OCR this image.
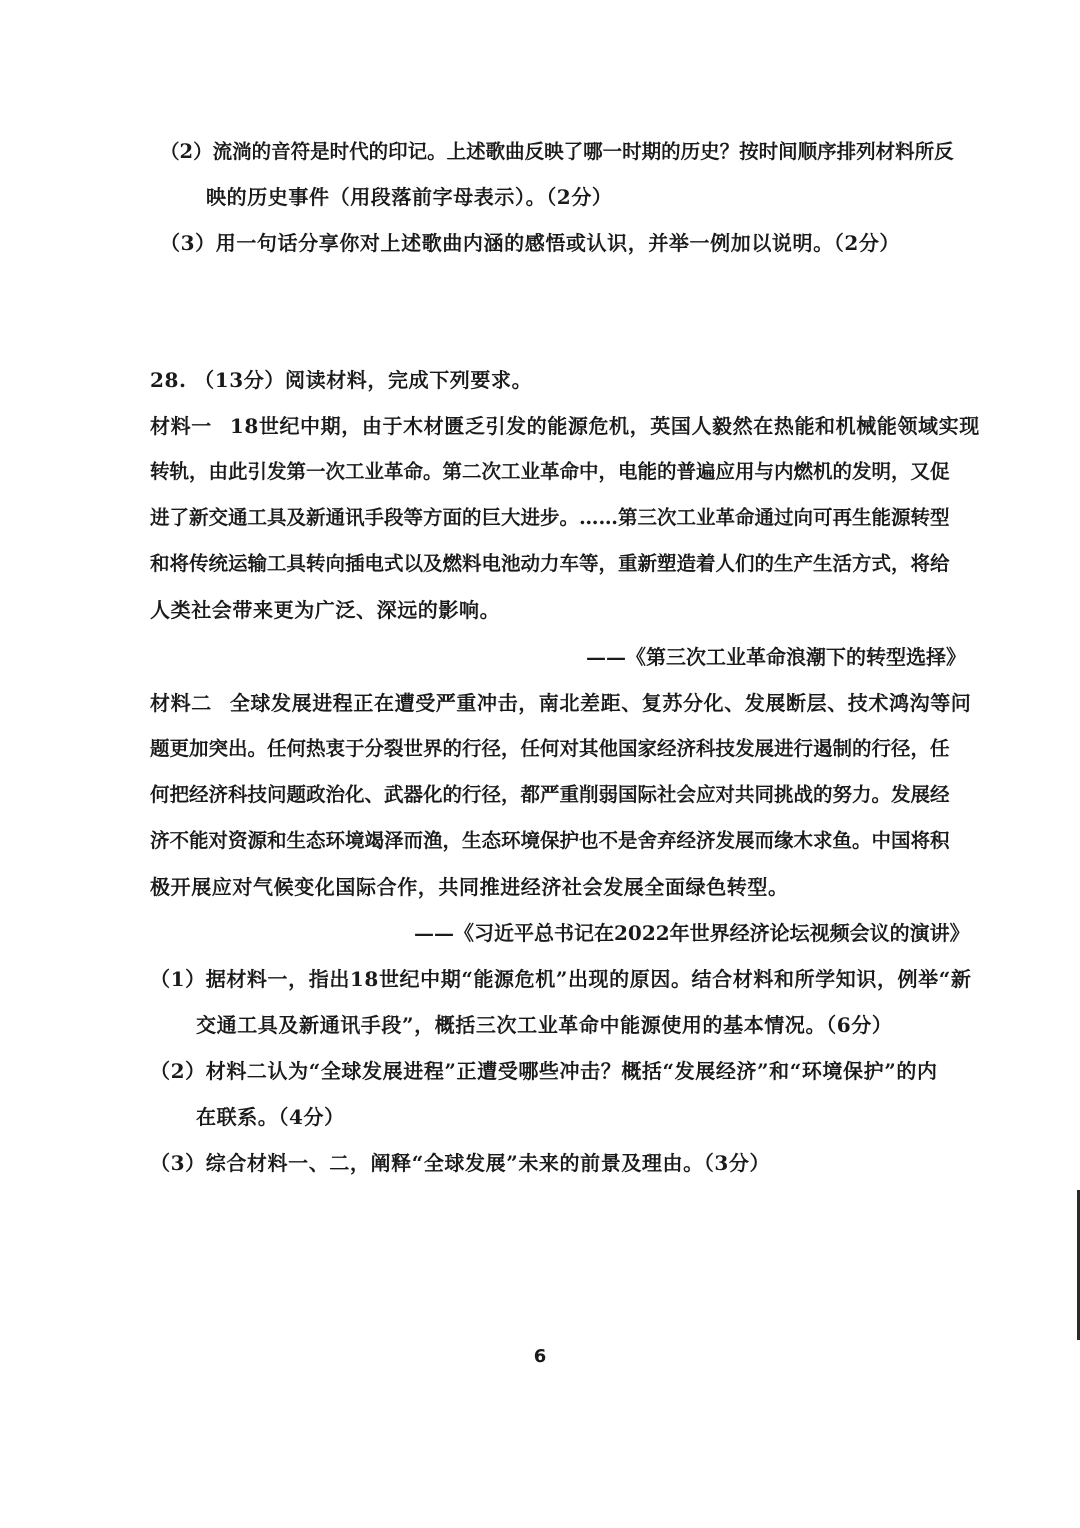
（2）流淌的音符是时代的印记。上述歌曲反映了哪一时期的历史？按时间顺序排列材料所反
映的历史事件（用段落前字母表示）。（2分）
（3）用一句话分享你对上述歌曲内涵的感悟或认识，并举一例加以说明。（2分）
28. （13分）阅读材料，完成下列要求。
材料一 18世纪中期，由于木材匮乏引发的能源危机，英国人毅然在热能和机械能领域实现
转轨，由此引发第一次工业革命。第二次工业革命中，电能的普遍应用与内燃机的发明，又促
进了新交通工具及新通讯手段等方面的巨大进步。……第三次工业革命通过向可再生能源转型
和将传统运输工具转向插电式以及燃料电池动力车等，重新塑造着人们的生产生活方式，将给
人类社会带来更为广泛、深远的影响。
——《第三次工业革命浪潮下的转型选择》
材料二 全球发展进程正在遭受严重冲击，南北差距、复苏分化、发展断层、技术鸿沟等问
题更加突出。任何热衷于分裂世界的行径，任何对其他国家经济科技发展进行遏制的行径，任
何把经济科技问题政治化、武器化的行径，都严重削弱国际社会应对共同挑战的努力。发展经
济不能对资源和生态环境竭泽而渔，生态环境保护也不是舍弃经济发展而缘木求鱼。中国将积
极开展应对气候变化国际合作，共同推进经济社会发展全面绿色转型。
——《习近平总书记在2022年世界经济论坛视频会议的演讲》
（1）据材料一，指出18世纪中期“能源危机”出现的原因。结合材料和所学知识，例举“新
交通工具及新通讯手段”，概括三次工业革命中能源使用的基本情况。（6分）
（2）材料二认为“全球发展进程”正遭受哪些冲击？概括“发展经济”和“环境保护”的内
在联系。（4分）
（3）综合材料一、二，阐释“全球发展”未来的前景及理由。（3分）
6
